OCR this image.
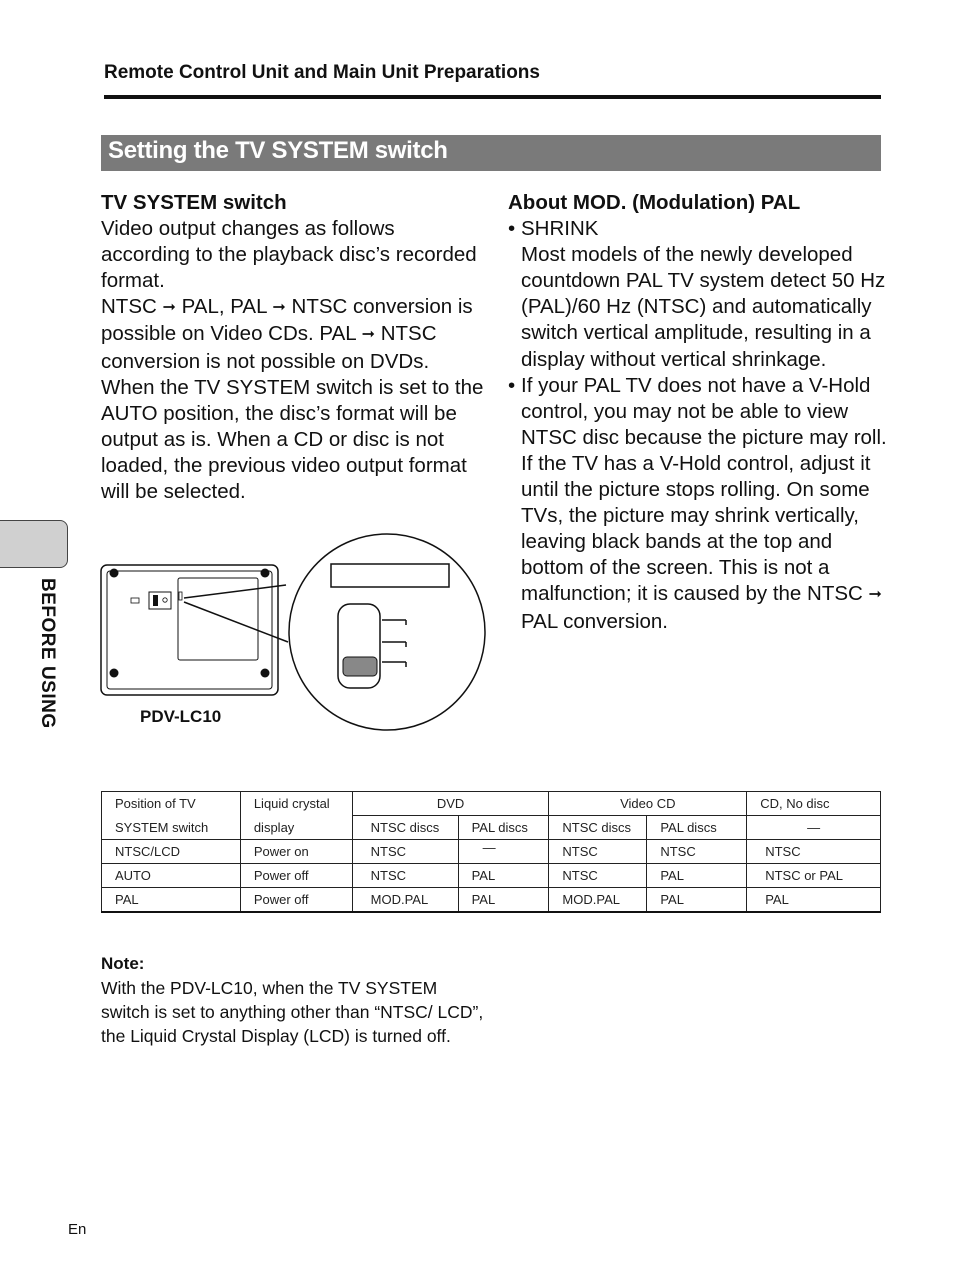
Remote Control Unit and Main Unit Preparations
Setting the TV SYSTEM switch
TV SYSTEM switch
Video output changes as follows according to the playback disc’s recorded format.
NTSC ➞ PAL, PAL ➞ NTSC conversion is possible on Video CDs. PAL ➞ NTSC conversion is not possible on DVDs.
When the TV SYSTEM switch is set to the AUTO position, the disc’s format will be output as is. When a CD or disc is not loaded, the previous video output format will be selected.
About MOD. (Modulation) PAL
• SHRINK
Most models of the newly developed countdown PAL TV system detect 50 Hz (PAL)/60 Hz (NTSC) and automatically switch vertical amplitude, resulting in a display without vertical shrinkage.
• If your PAL TV does not have a V-Hold control, you may not be able to view NTSC disc because the picture may roll. If the TV has a V-Hold control, adjust it until the picture stops rolling. On some TVs, the picture may shrink vertically, leaving black bands at the top and bottom of the screen. This is not a malfunction; it is caused by the NTSC ➞ PAL conversion.
BEFORE USING	PDV-LC10
Position of TV	Liquid crystal	DVD		Video CD		CD, No disc
SYSTEM switch	display	NTSC discs	PAL discs	NTSC discs	PAL discs	—
NTSC/LCD	Power on	NTSC	—	NTSC	NTSC	NTSC
AUTO	Power off	NTSC	PAL	NTSC	PAL	NTSC or PAL
PAL	Power off	MOD.PAL	PAL	MOD.PAL	PAL	PAL
Note:
With the PDV-LC10, when the TV SYSTEM switch is set to anything other than “NTSC/ LCD”, the Liquid Crystal Display (LCD) is turned off.
En
